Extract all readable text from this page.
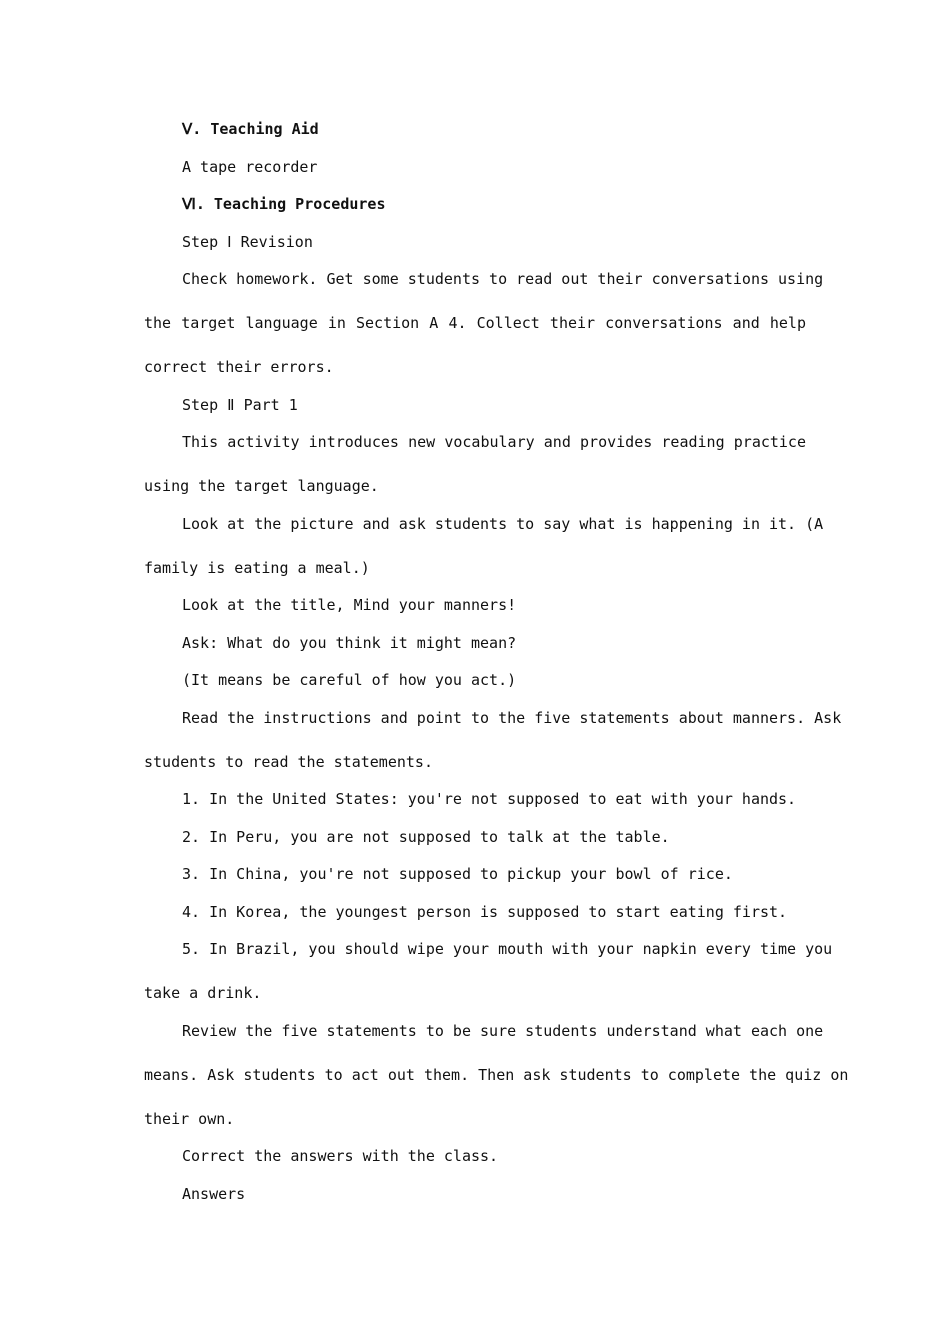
Ⅴ. Teaching Aid
A tape recorder
Ⅵ. Teaching Procedures
Step Ⅰ Revision
Check homework. Get some students to read out their conversations using
the target language in Section A 4. Collect their conversations and help
correct their errors.
Step Ⅱ Part 1
This activity introduces new vocabulary and provides reading practice
using the target language.
Look at the picture and ask students to say what is happening in it. (A
family is eating a meal.)
Look at the title, Mind your manners!
Ask: What do you think it might mean?
(It means be careful of how you act.)
Read the instructions and point to the five statements about manners. Ask
students to read the statements.
1. In the United States: you're not supposed to eat with your hands.
2. In Peru, you are not supposed to talk at the table.
3. In China, you're not supposed to pickup your bowl of rice.
4. In Korea, the youngest person is supposed to start eating first.
5. In Brazil, you should wipe your mouth with your napkin every time you
take a drink.
Review the five statements to be sure students understand what each one
means. Ask students to act out them. Then ask students to complete the quiz on
their own.
Correct the answers with the class.
Answers
